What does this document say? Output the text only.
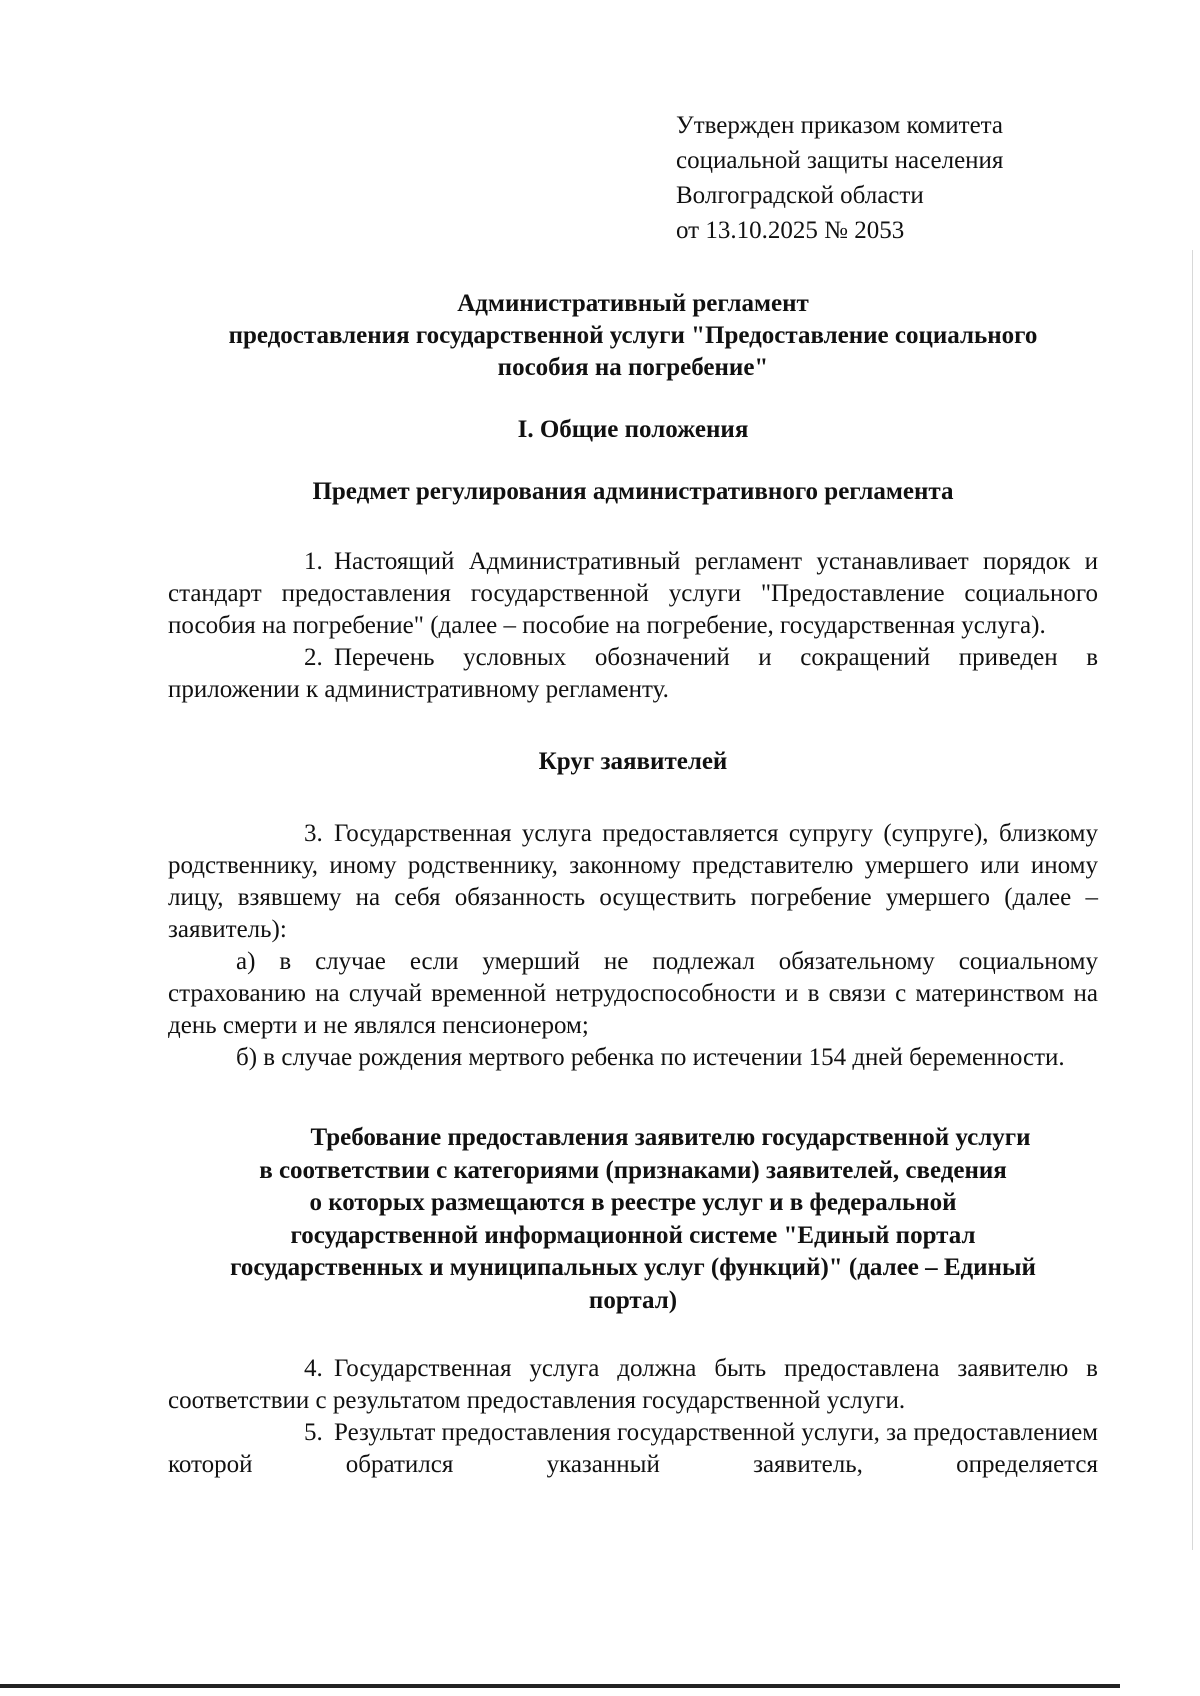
Утвержден приказом комитета
социальной защиты населения
Волгоградской области
от 13.10.2025 № 2053
Административный регламент
предоставления государственной услуги "Предоставление социального
пособия на погребение"
I. Общие положения
Предмет регулирования административного регламента

1. Настоящий Административный регламент устанавливает порядок и стандарт предоставления государственной услуги "Предоставление социального пособия на погребение" (далее – пособие на погребение, государственная услуга).

2. Перечень условных обозначений и сокращений приведен в приложении к административному регламенту.

Круг заявителей

3. Государственная услуга предоставляется супругу (супруге), близкому родственнику, иному родственнику, законному представителю умершего или иному лицу, взявшему на себя обязанность осуществить погребение умершего (далее – заявитель):

а) в случае если умерший не подлежал обязательному социальному страхованию на случай временной нетрудоспособности и в связи с материнством на день смерти и не являлся пенсионером;

б) в случае рождения мертвого ребенка по истечении 154 дней беременности.

Требование предоставления заявителю государственной услуги
в соответствии с категориями (признаками) заявителей, сведения
о которых размещаются в реестре услуг и в федеральной
государственной информационной системе "Единый портал
государственных и муниципальных услуг (функций)" (далее – Единый
портал)

4. Государственная услуга должна быть предоставлена заявителю в соответствии с результатом предоставления государственной услуги.

5. Результат предоставления государственной услуги, за предоставлением которой обратился указанный заявитель, определяется
